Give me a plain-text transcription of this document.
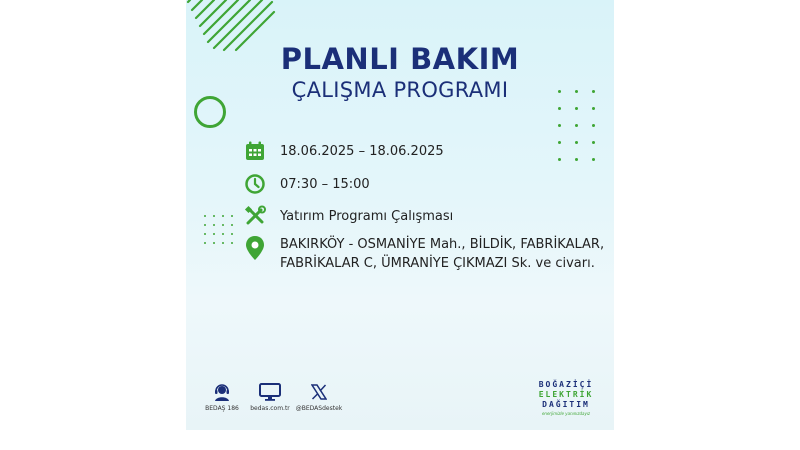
PLANLI BAKIM
ÇALIŞMA PROGRAMI
18.06.2025 – 18.06.2025
07:30 – 15:00
Yatırım Programı Çalışması
BAKIRKÖY - OSMANİYE Mah., BİLDİK, FABRİKALAR,
FABRİKALAR C, ÜMRANİYE ÇIKMAZI Sk. ve civarı.
BEDAŞ 186	bedas.com.tr @BEDASdestek
BOĞAZİÇİ
ELEKTRİK
DAĞITIM
enerjimizle yanınızdayız
